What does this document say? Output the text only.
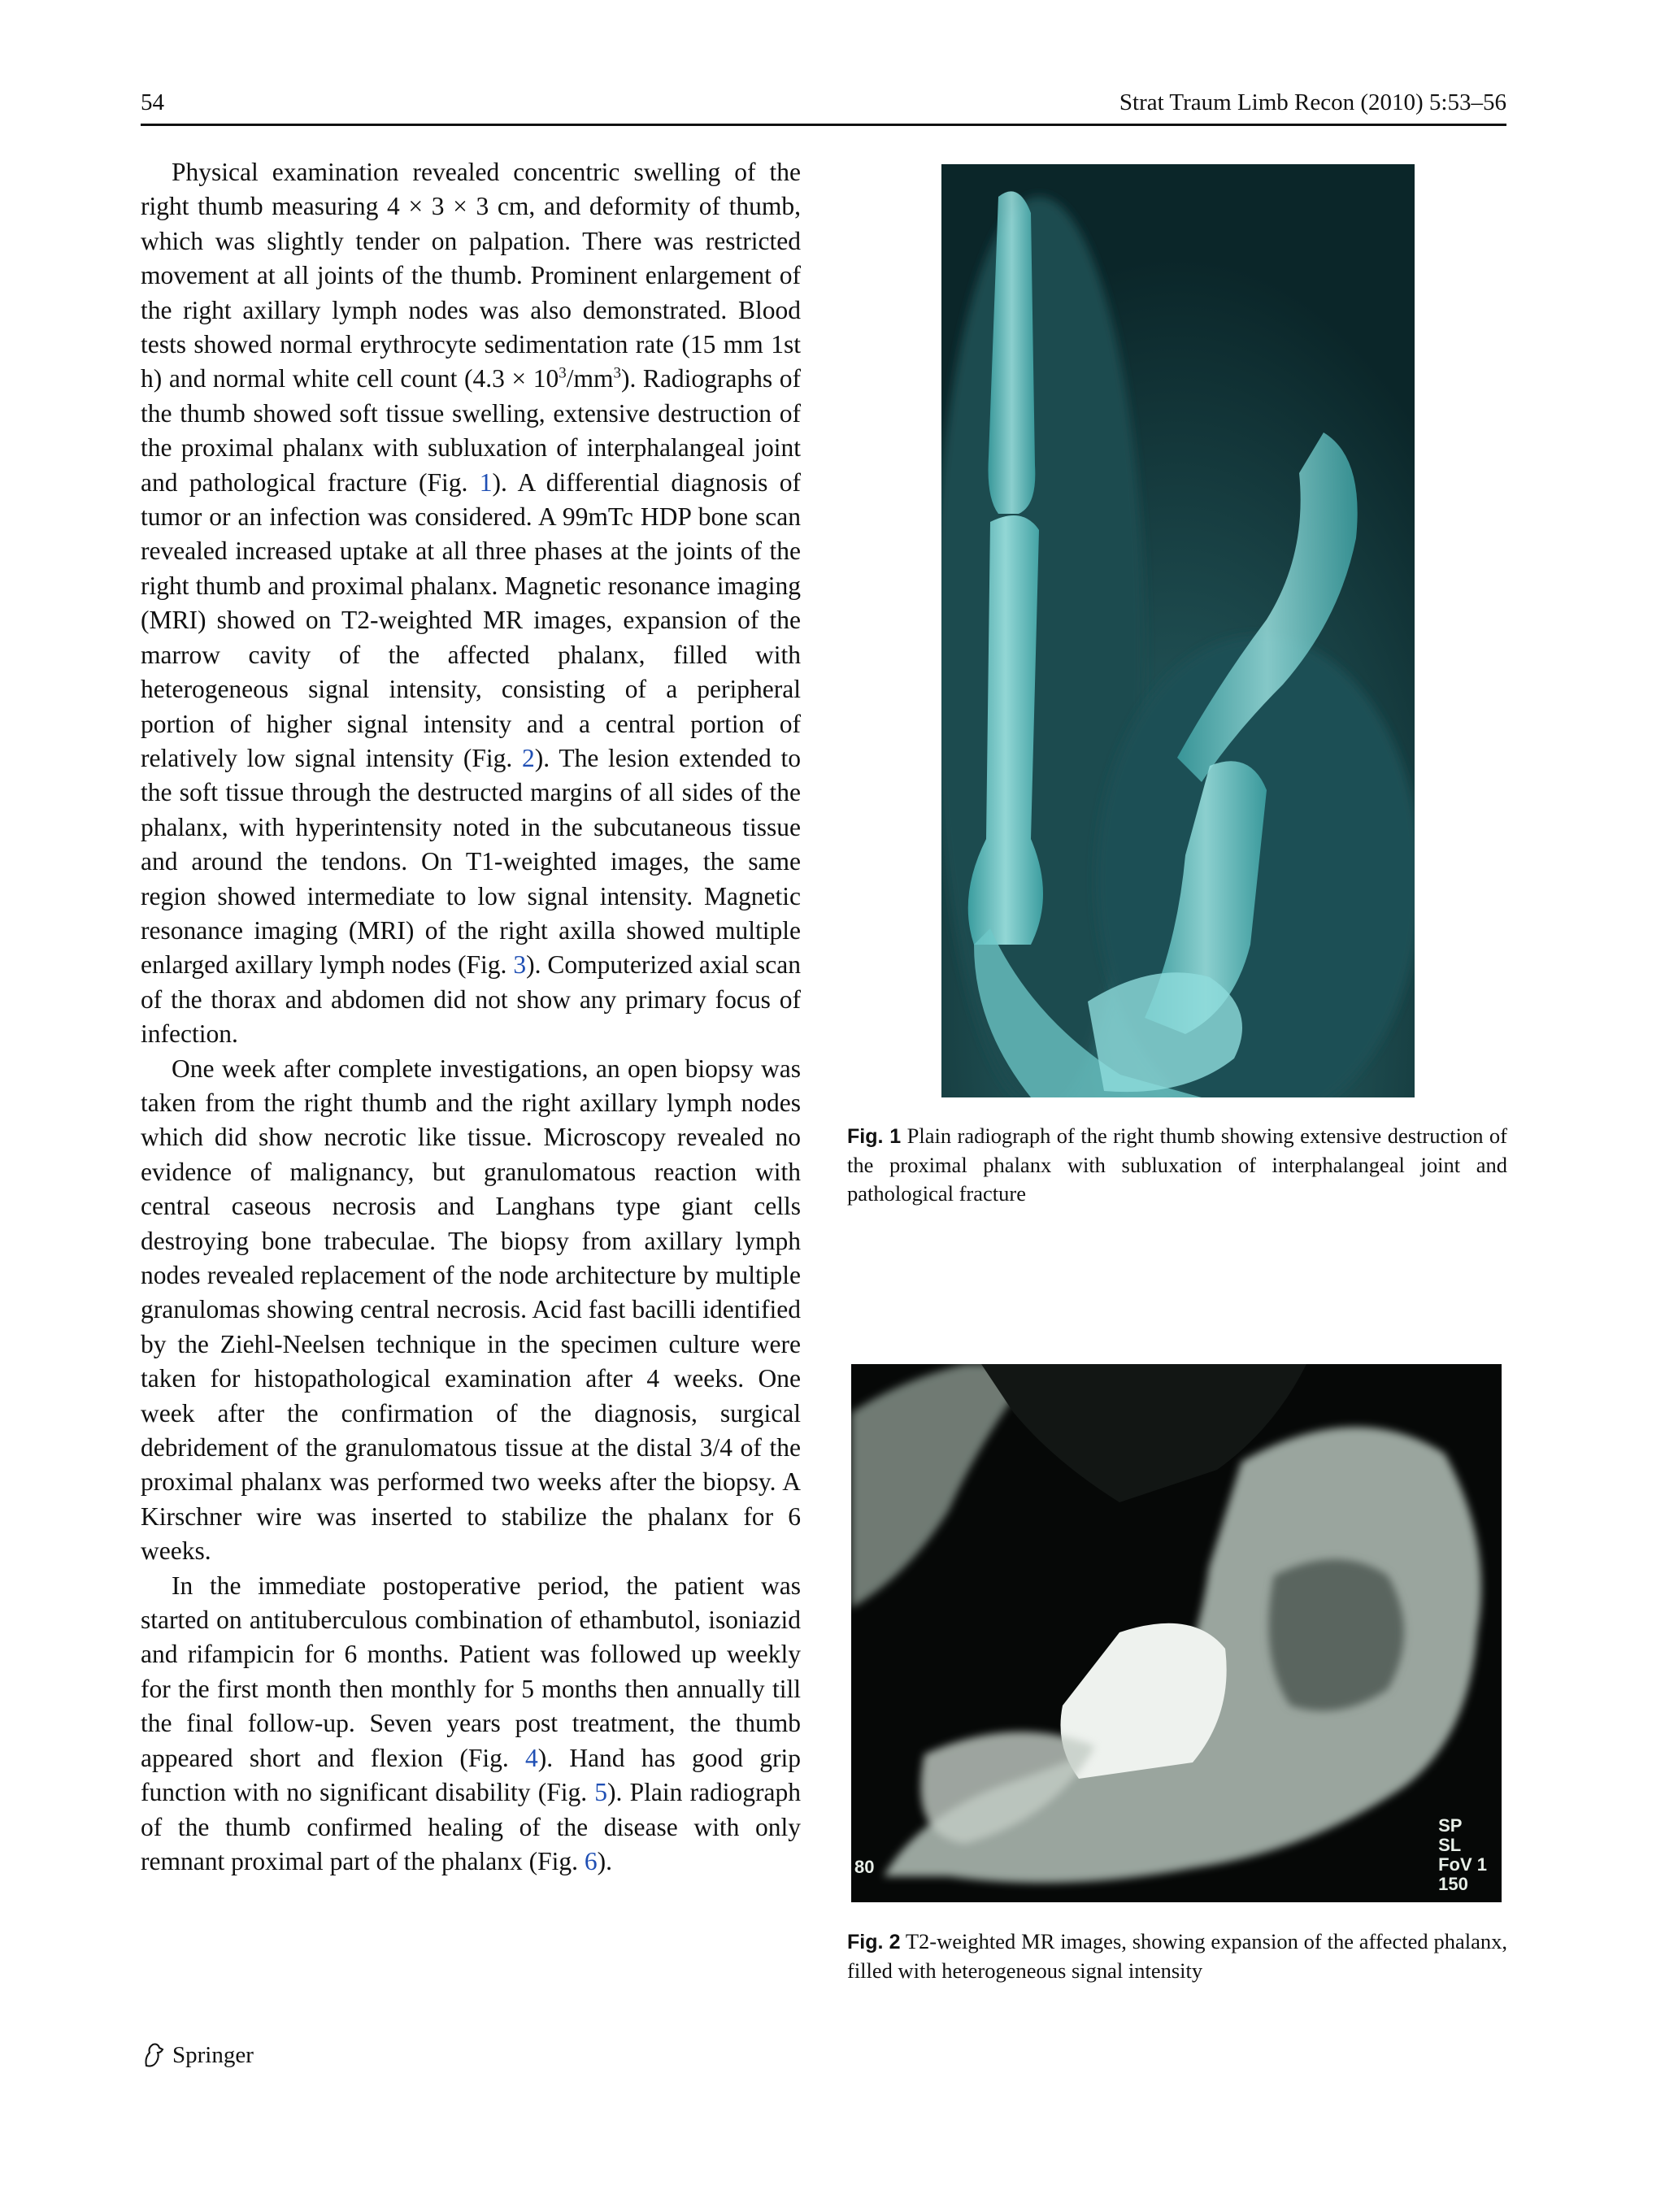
54	Strat Traum Limb Recon (2010) 5:53–56

Physical examination revealed concentric swelling of the right thumb measuring 4 × 3 × 3 cm, and deformity of thumb, which was slightly tender on palpation. There was restricted movement at all joints of the thumb. Prominent enlargement of the right axillary lymph nodes was also demonstrated. Blood tests showed normal erythrocyte sedimentation rate (15 mm 1st h) and normal white cell count $(4.3 \times 10^3/mm^3)$. Radiographs of the thumb showed soft tissue swelling, extensive destruction of the proximal phalanx with subluxation of interphalangeal joint and pathological fracture (Fig. 1). A differential diagnosis of tumor or an infection was considered. A 99mTc HDP bone scan revealed increased uptake at all three phases at the joints of the right thumb and proximal phalanx. Magnetic resonance imaging (MRI) showed on T2-weighted MR images, expansion of the marrow cavity of the affected phalanx, filled with heterogeneous signal intensity, consisting of a peripheral portion of higher signal intensity and a central portion of relatively low signal intensity (Fig. 2). The lesion extended to the soft tissue through the destructed margins of all sides of the phalanx, with hyperintensity noted in the subcutaneous tissue and around the tendons. On T1-weighted images, the same region showed intermediate to low signal intensity. Magnetic resonance imaging (MRI) of the right axilla showed multiple enlarged axillary lymph nodes (Fig. 3). Computerized axial scan of the thorax and abdomen did not show any primary focus of infection.

One week after complete investigations, an open biopsy was taken from the right thumb and the right axillary lymph nodes which did show necrotic like tissue. Microscopy revealed no evidence of malignancy, but granulomatous reaction with central caseous necrosis and Langhans type giant cells destroying bone trabeculae. The biopsy from axillary lymph nodes revealed replacement of the node architecture by multiple granulomas showing central necrosis. Acid fast bacilli identified by the Ziehl-Neelsen technique in the specimen culture were taken for histopathological examination after 4 weeks. One week after the confirmation of the diagnosis, surgical debridement of the granulomatous tissue at the distal 3/4 of the proximal phalanx was performed two weeks after the biopsy. A Kirschner wire was inserted to stabilize the phalanx for 6 weeks.

In the immediate postoperative period, the patient was started on antituberculous combination of ethambutol, isoniazid and rifampicin for 6 months. Patient was followed up weekly for the first month then monthly for 5 months then annually till the final follow-up. Seven years post treatment, the thumb appeared short and flexion (Fig. 4). Hand has good grip function with no significant disability (Fig. 5). Plain radiograph of the thumb confirmed healing of the disease with only remnant proximal part of the phalanx (Fig. 6).

Fig. 1 Plain radiograph of the right thumb showing extensive destruction of the proximal phalanx with subluxation of interphalangeal joint and pathological fracture
SP
SL
FoV 1
150
80
Fig. 2 T2-weighted MR images, showing expansion of the affected phalanx, filled with heterogeneous signal intensity
Springer
